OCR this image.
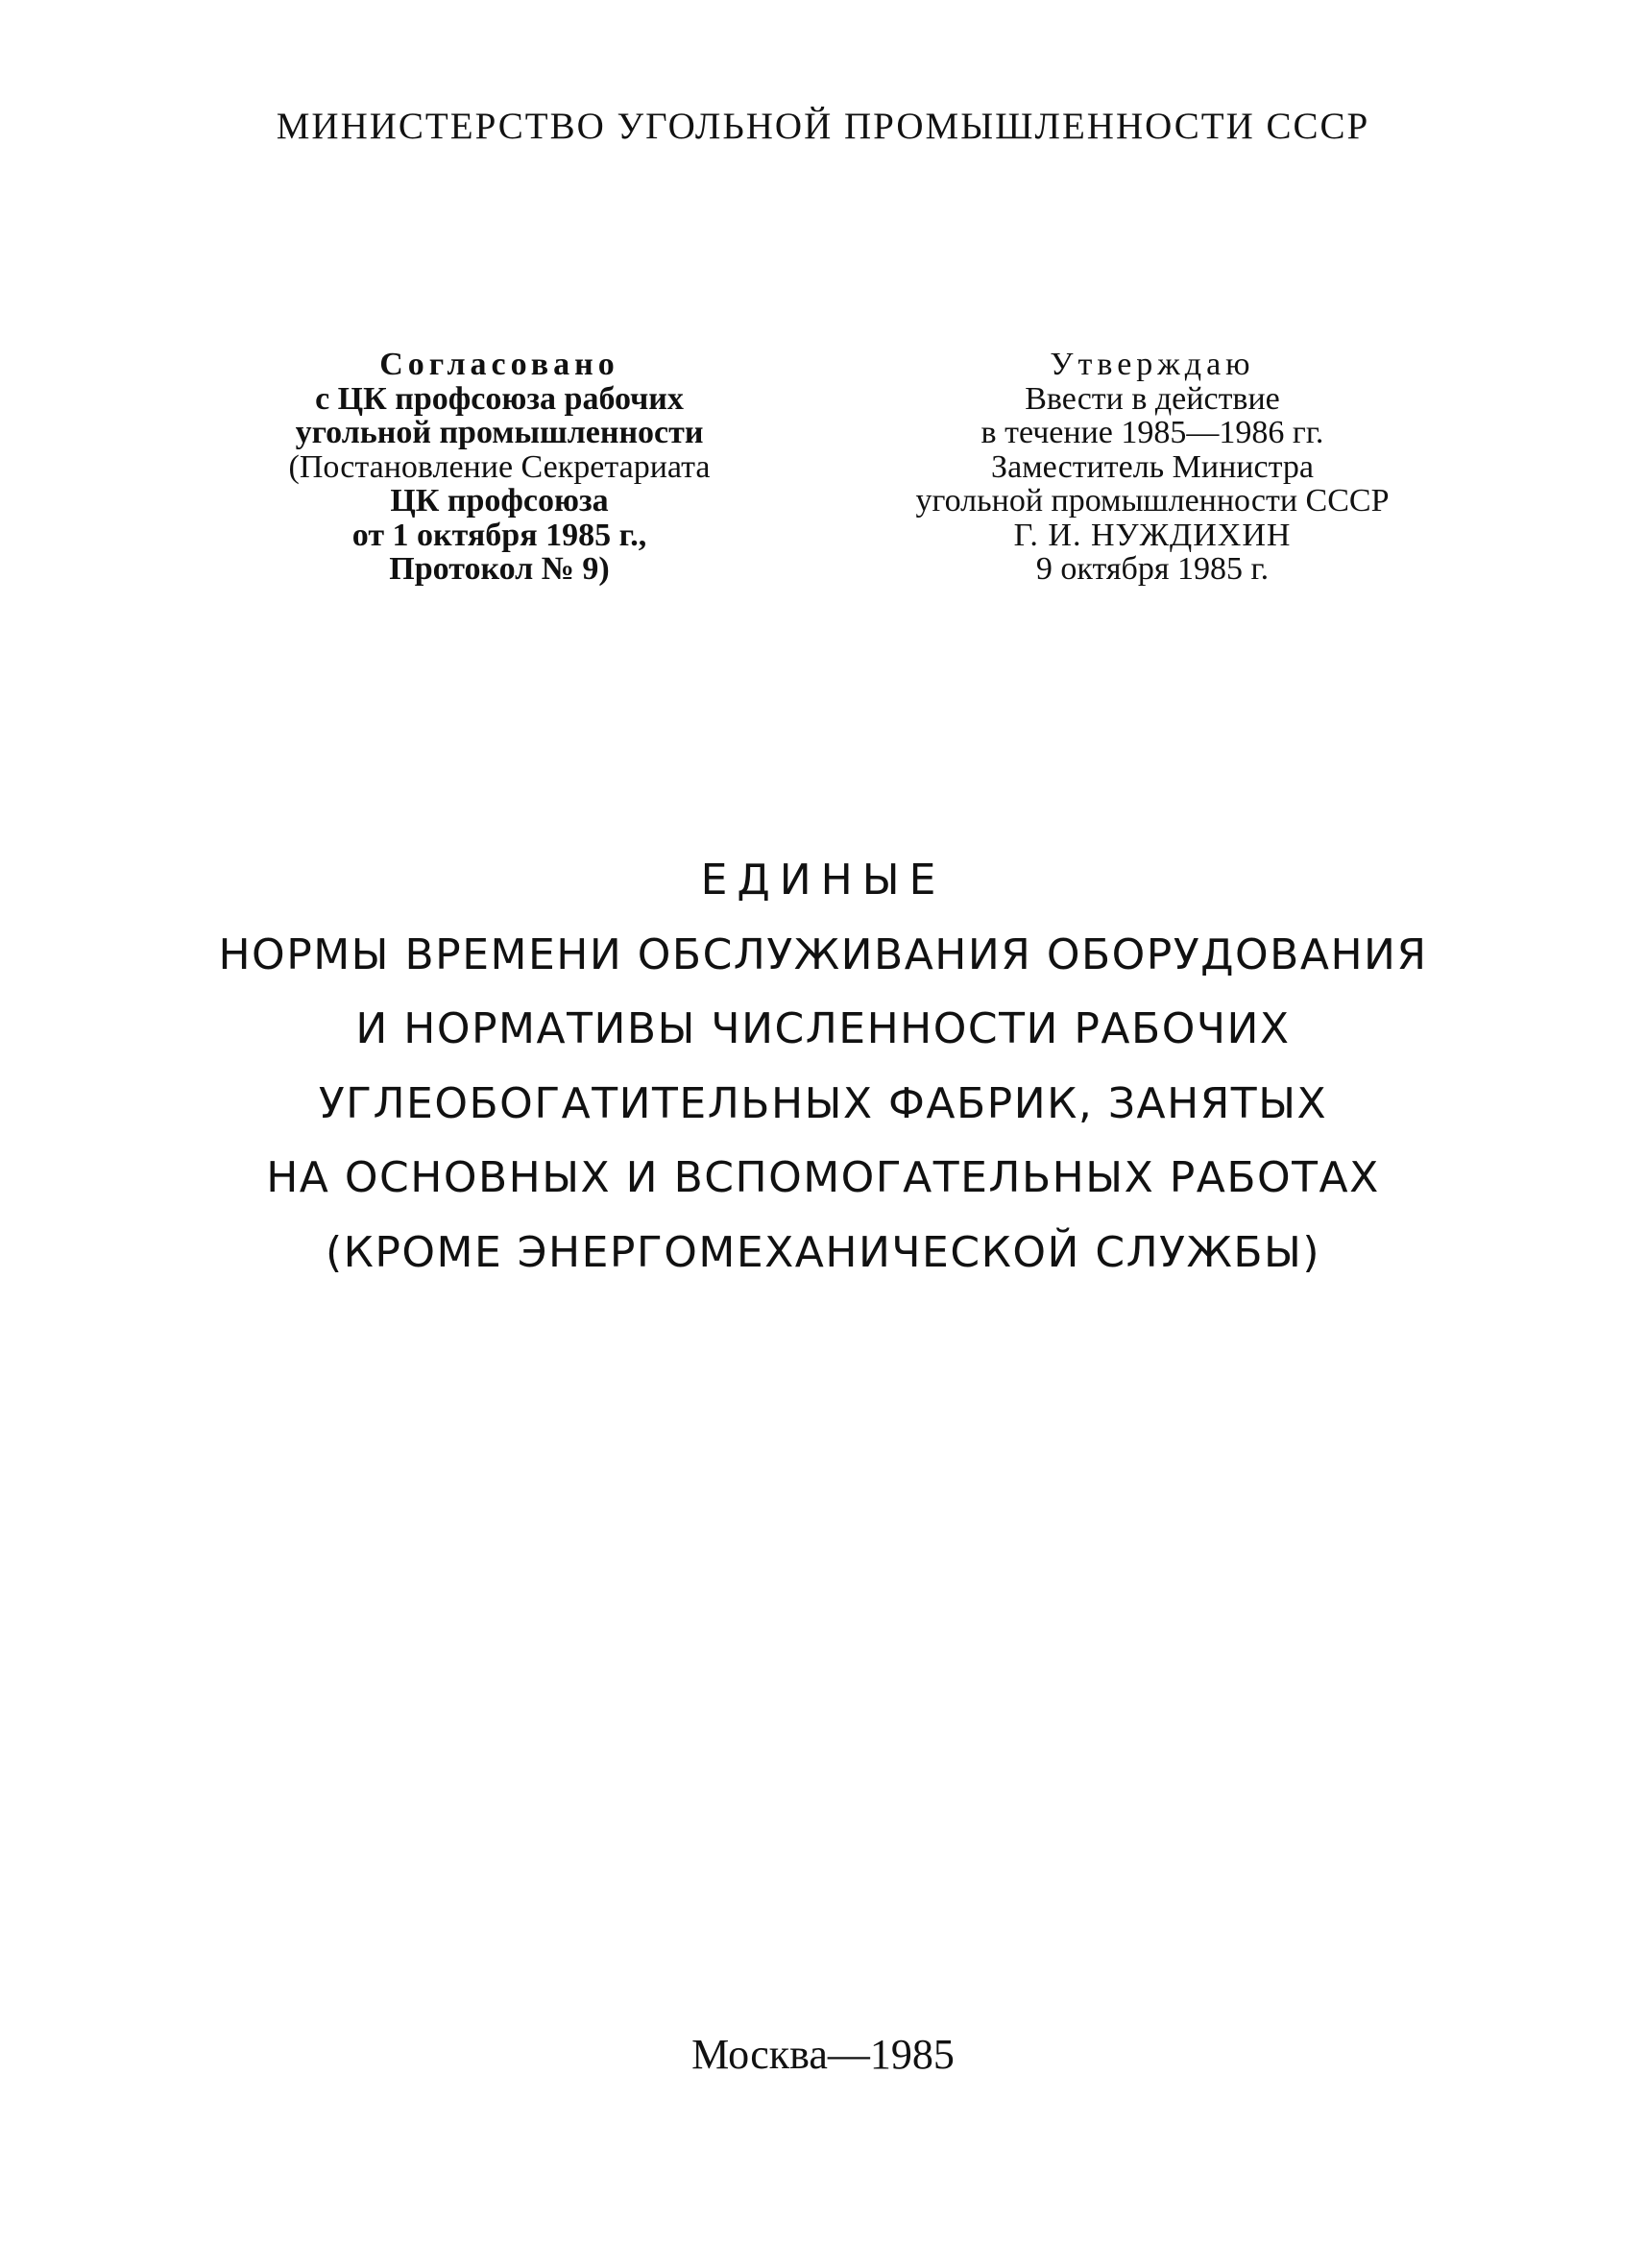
МИНИСТЕРСТВО УГОЛЬНОЙ ПРОМЫШЛЕННОСТИ СССР
Согласовано
с ЦК профсоюза рабочих
угольной промышленности
(Постановление Секретариата
ЦК профсоюза
от 1 октября 1985 г.,
Протокол № 9)
Утверждаю
Ввести в действие
в течение 1985—1986 гг.
Заместитель Министра
угольной промышленности СССР
Г. И. НУЖДИХИН
9 октября 1985 г.
ЕДИНЫЕ
НОРМЫ ВРЕМЕНИ ОБСЛУЖИВАНИЯ ОБОРУДОВАНИЯ
И НОРМАТИВЫ ЧИСЛЕННОСТИ РАБОЧИХ
УГЛЕОБОГАТИТЕЛЬНЫХ ФАБРИК, ЗАНЯТЫХ
НА ОСНОВНЫХ И ВСПОМОГАТЕЛЬНЫХ РАБОТАХ
(КРОМЕ ЭНЕРГОМЕХАНИЧЕСКОЙ СЛУЖБЫ)
Москва—1985
